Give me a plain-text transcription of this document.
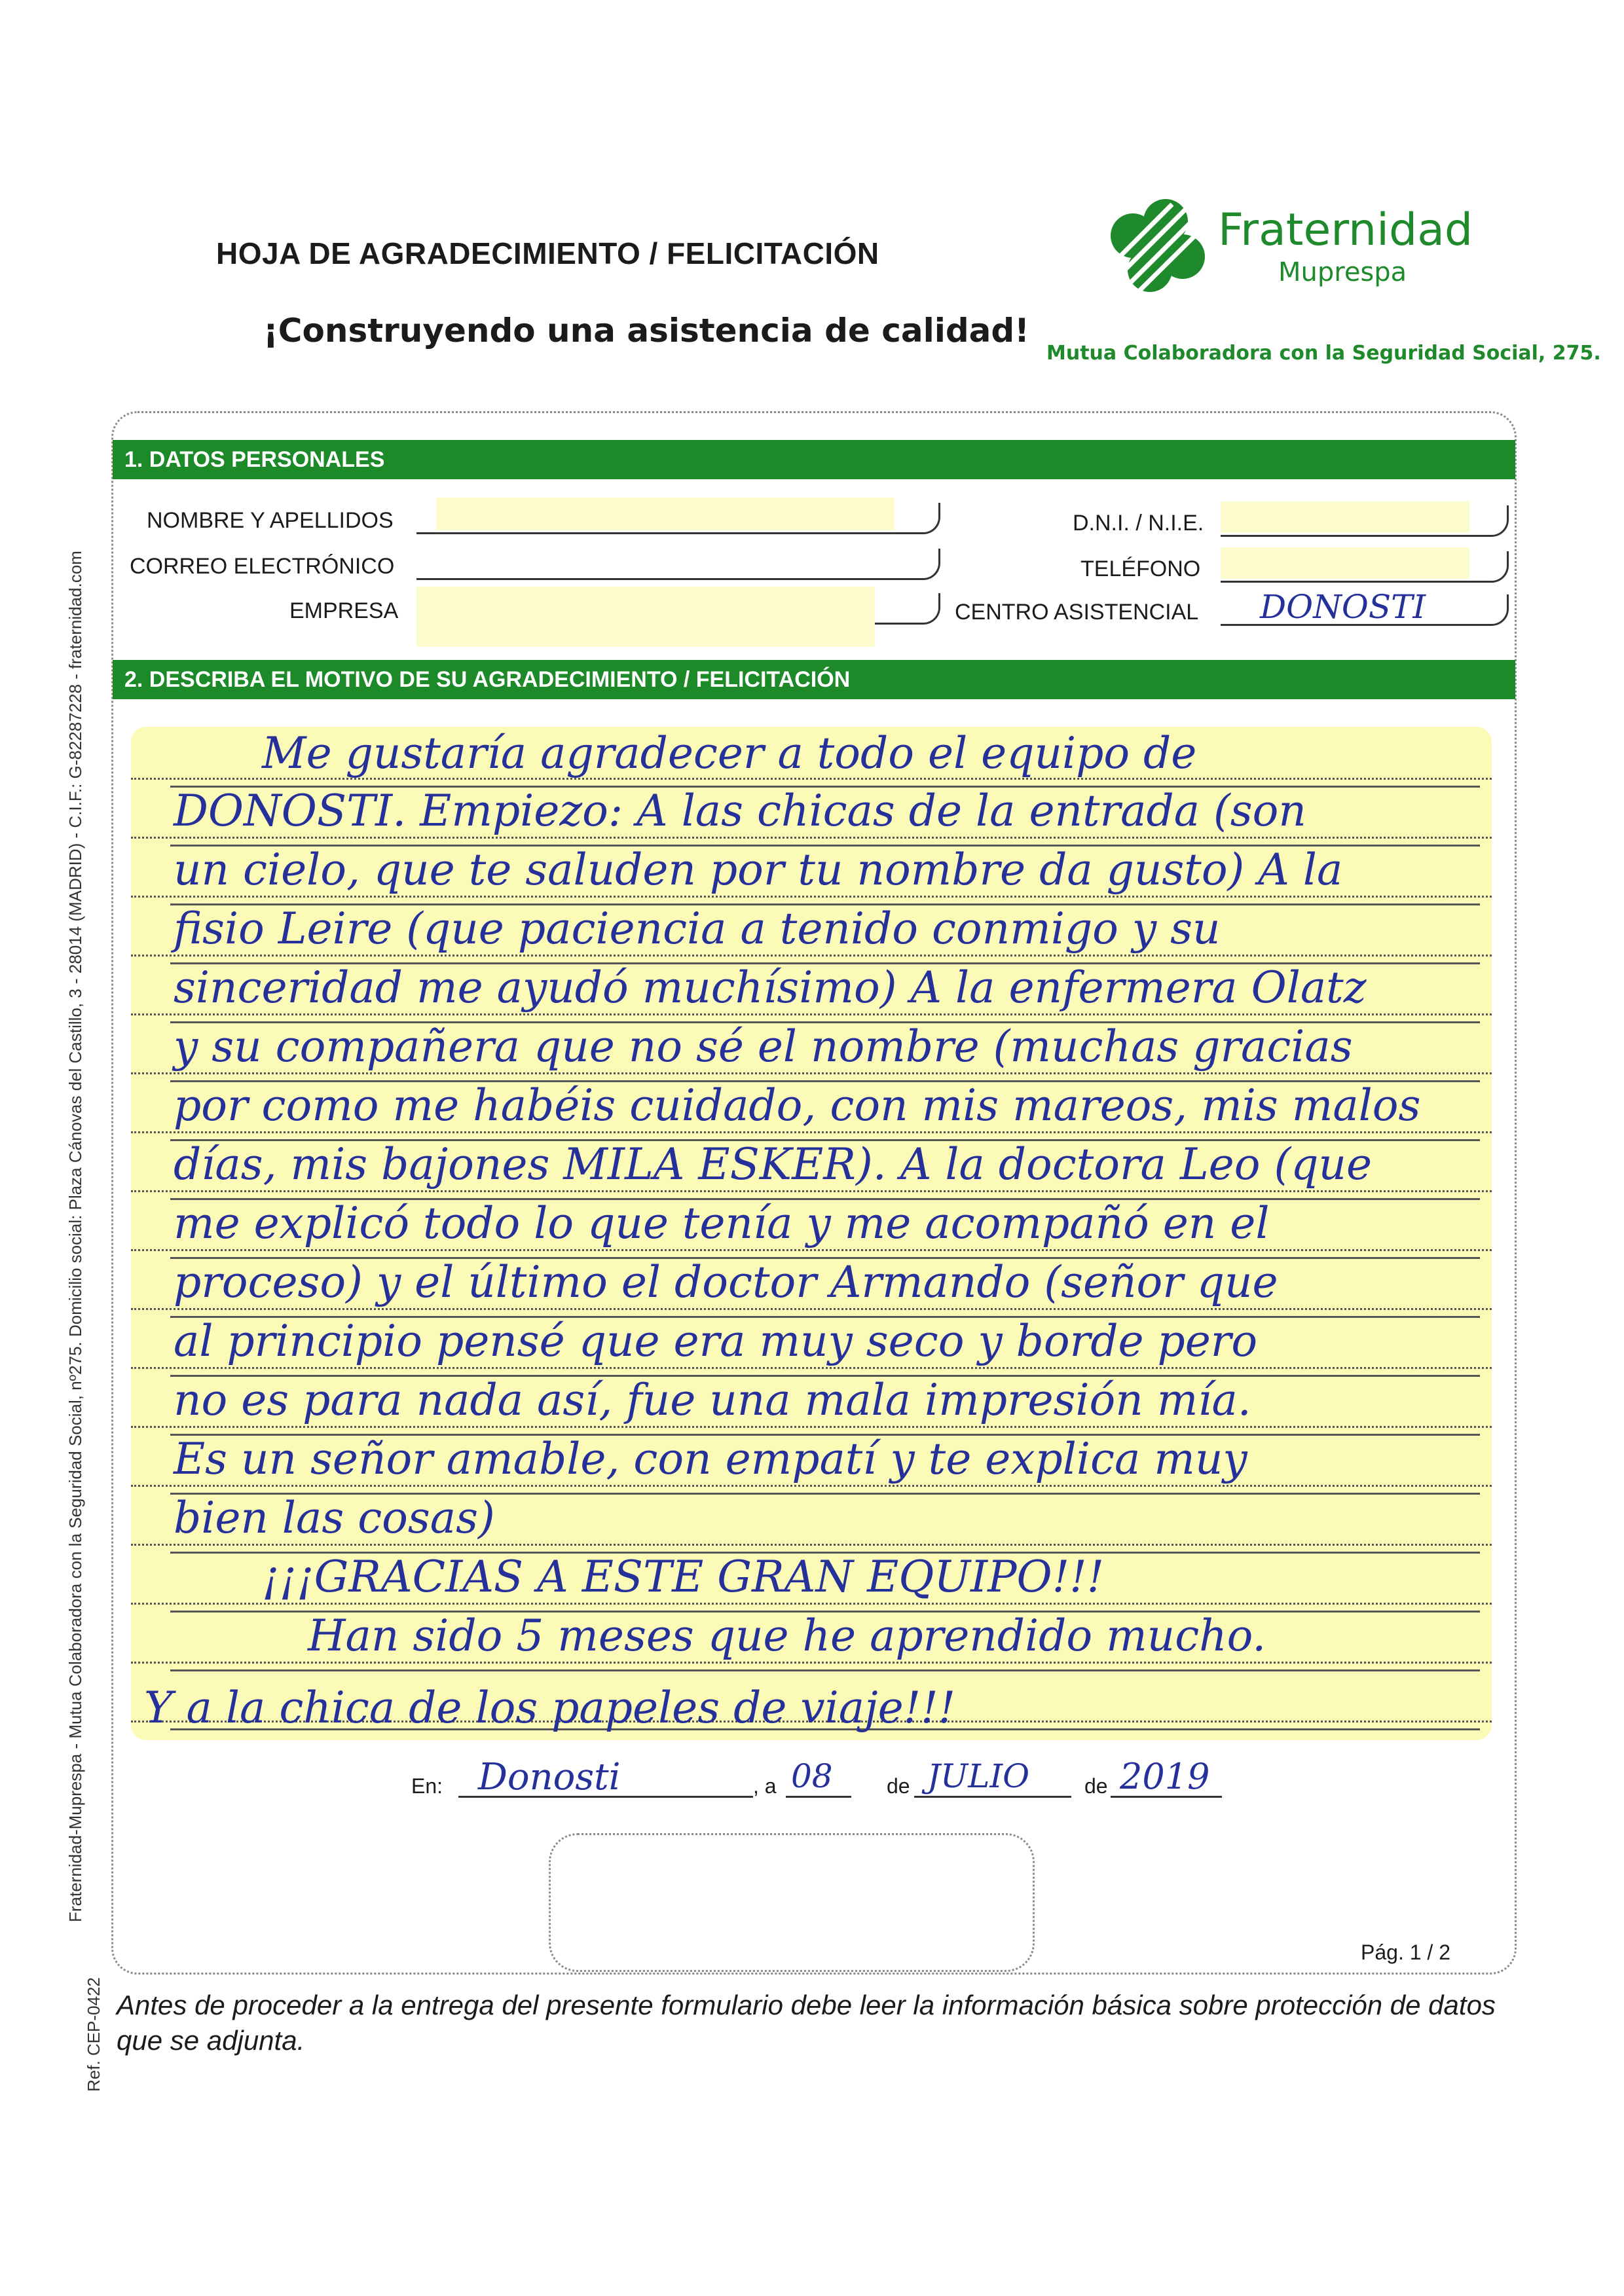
HOJA DE AGRADECIMIENTO / FELICITACIÓN
¡Construyendo una asistencia de calidad!
Fraternidad
Muprespa
Mutua Colaboradora con la Seguridad Social, 275.
1. DATOS PERSONALES
NOMBRE Y APELLIDOS
CORREO ELECTRÓNICO
EMPRESA
D.N.I. / N.I.E.
TELÉFONO
CENTRO ASISTENCIAL DONOSTI
2. DESCRIBA EL MOTIVO DE SU AGRADECIMIENTO / FELICITACIÓN
Me gustaría agradecer a todo el equipo de
DONOSTI. Empiezo: A las chicas de la entrada (son
un cielo, que te saluden por tu nombre da gusto) A la
fisio Leire (que paciencia a tenido conmigo y su
sinceridad me ayudó muchísimo) A la enfermera Olatz
y su compañera que no sé el nombre (muchas gracias
por como me habéis cuidado, con mis mareos, mis malos
días, mis bajones MILA ESKER). A la doctora Leo (que
me explicó todo lo que tenía y me acompañó en el
proceso) y el último el doctor Armando (señor que
al principio pensé que era muy seco y borde pero
no es para nada así, fue una mala impresión mía.
Es un señor amable, con empatí y te explica muy
bien las cosas)
¡¡¡GRACIAS A ESTE GRAN EQUIPO!!!
Han sido 5 meses que he aprendido mucho.
Y a la chica de los papeles de viaje!!!
En: Donosti	, a 08	de JULIO	de 2019
Pág. 1 / 2
Antes de proceder a la entrega del presente formulario debe leer la información básica sobre protección de datos que se adjunta.
Fraternidad-Muprespa - Mutua Colaboradora con la Seguridad Social, nº275. Domicilio social: Plaza Cánovas del Castillo, 3 - 28014 (MADRID) - C.I.F.: G-82287228 - fraternidad.com
Ref. CEP-0422
